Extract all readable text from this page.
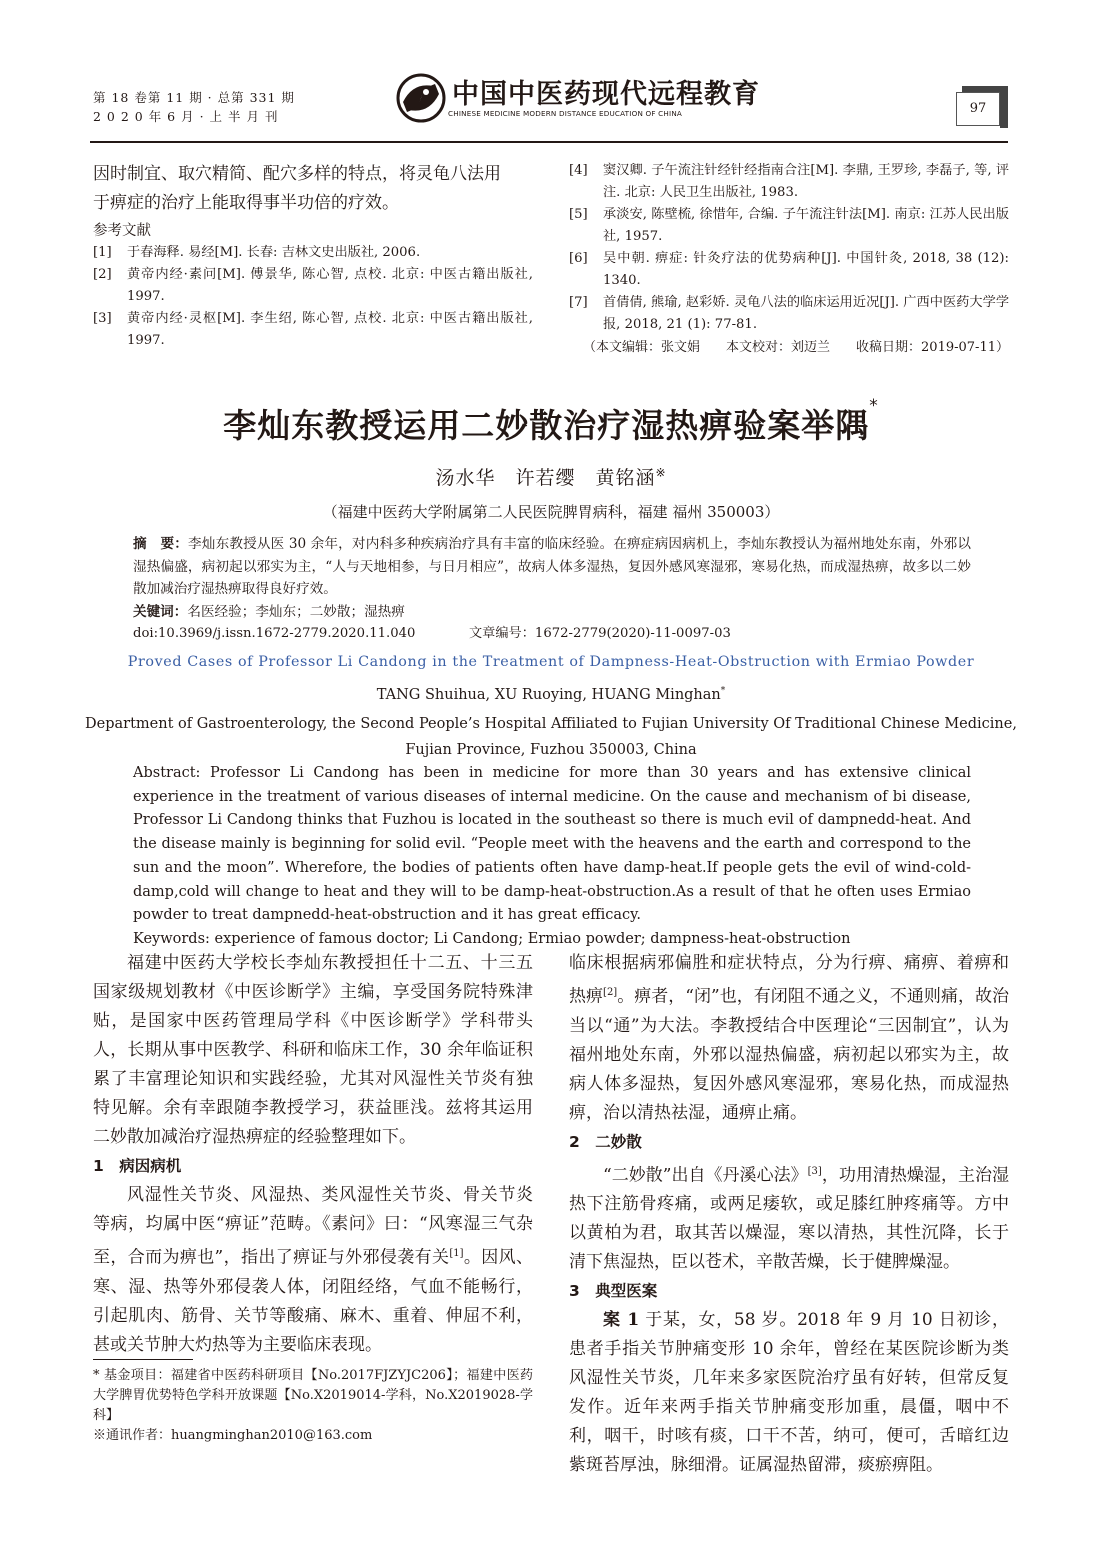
第 18 卷第 11 期 · 总第 331 期
2 0 2 0 年 6 月 · 上 半 月 刊
中国中医药现代远程教育
CHINESE MEDICINE MODERN DISTANCE EDUCATION OF CHINA	97

因时制宜、取穴精简、配穴多样的特点，将灵龟八法用

于痹症的治疗上能取得事半功倍的疗效。

参考文献
[1]	于春海释. 易经[M]. 长春: 吉林文史出版社, 2006.
[2]	黄帝内经·素问[M]. 傅景华, 陈心智, 点校. 北京: 中医古籍出版社, 1997.
[3]	黄帝内经·灵枢[M]. 李生绍, 陈心智, 点校. 北京: 中医古籍出版社, 1997.
[4]	窦汉卿. 子午流注针经针经指南合注[M]. 李鼎, 王罗珍, 李磊子, 等, 评注. 北京: 人民卫生出版社, 1983.
[5]	承淡安, 陈壁梳, 徐惜年, 合编. 子午流注针法[M]. 南京: 江苏人民出版社, 1957.
[6]	吴中朝. 痹症: 针灸疗法的优势病种[J]. 中国针灸, 2018, 38 (12): 1340.
[7]	首倩倩, 熊瑜, 赵彩娇. 灵龟八法的临床运用近况[J]. 广西中医药大学学报, 2018, 21 (1): 77-81.
（本文编辑：张文娟　　本文校对：刘迈兰　　收稿日期：2019-07-11）
李灿东教授运用二妙散治疗湿热痹验案举隅*
汤水华　许若缨　黄铭涵※
（福建中医药大学附属第二人民医院脾胃病科，福建 福州 350003）
摘　要：李灿东教授从医 30 余年，对内科多种疾病治疗具有丰富的临床经验。在痹症病因病机上，李灿东教授认为福州地处东南，外邪以湿热偏盛，病初起以邪实为主，“人与天地相参，与日月相应”，故病人体多湿热，复因外感风寒湿邪，寒易化热，而成湿热痹，故多以二妙散加减治疗湿热痹取得良好疗效。
关键词：名医经验；李灿东；二妙散；湿热痹
doi:10.3969/j.issn.1672-2779.2020.11.040	文章编号：1672-2779(2020)-11-0097-03
Proved Cases of Professor Li Candong in the Treatment of Dampness-Heat-Obstruction with Ermiao Powder
TANG Shuihua, XU Ruoying, HUANG Minghan*
Department of Gastroenterology, the Second People’s Hospital Affiliated to Fujian University Of Traditional Chinese Medicine,
Fujian Province, Fuzhou 350003, China
Abstract: Professor Li Candong has been in medicine for more than 30 years and has extensive clinical experience in the treatment of various diseases of internal medicine. On the cause and mechanism of bi disease, Professor Li Candong thinks that Fuzhou is located in the southeast so there is much evil of dampnedd-heat. And the disease mainly is beginning for solid evil. “People meet with the heavens and the earth and correspond to the sun and the moon”. Wherefore, the bodies of patients often have damp-heat.If people gets the evil of wind-cold-damp,cold will change to heat and they will to be damp-heat-obstruction.As a result of that he often uses Ermiao powder to treat dampnedd-heat-obstruction and it has great efficacy.
Keywords: experience of famous doctor; Li Candong; Ermiao powder; dampness-heat-obstruction

福建中医药大学校长李灿东教授担任十二五、十三五国家级规划教材《中医诊断学》主编，享受国务院特殊津贴，是国家中医药管理局学科《中医诊断学》学科带头人，长期从事中医教学、科研和临床工作，30 余年临证积累了丰富理论知识和实践经验，尤其对风湿性关节炎有独特见解。余有幸跟随李教授学习，获益匪浅。兹将其运用二妙散加减治疗湿热痹症的经验整理如下。

1　病因病机

风湿性关节炎、风湿热、类风湿性关节炎、骨关节炎等病，均属中医“痹证”范畴。《素问》曰：“风寒湿三气杂至，合而为痹也”，指出了痹证与外邪侵袭有关[1]。因风、寒、湿、热等外邪侵袭人体，闭阻经络，气血不能畅行，引起肌肉、筋骨、关节等酸痛、麻木、重着、伸屈不利，甚或关节肿大灼热等为主要临床表现。

临床根据病邪偏胜和症状特点，分为行痹、痛痹、着痹和热痹[2]。痹者，“闭”也，有闭阻不通之义，不通则痛，故治当以“通”为大法。李教授结合中医理论“三因制宜”，认为福州地处东南，外邪以湿热偏盛，病初起以邪实为主，故病人体多湿热，复因外感风寒湿邪，寒易化热，而成湿热痹，治以清热祛湿，通痹止痛。

2　二妙散

“二妙散”出自《丹溪心法》[3]，功用清热燥湿，主治湿热下注筋骨疼痛，或两足痿软，或足膝红肿疼痛等。方中以黄柏为君，取其苦以燥湿，寒以清热，其性沉降，长于清下焦湿热，臣以苍术，辛散苦燥，长于健脾燥湿。

3　典型医案

案 1 于某，女，58 岁。2018 年 9 月 10 日初诊，患者手指关节肿痛变形 10 余年，曾经在某医院诊断为类风湿性关节炎，几年来多家医院治疗虽有好转，但常反复发作。近年来两手指关节肿痛变形加重，晨僵，咽中不利，咽干，时咳有痰，口干不苦，纳可，便可，舌暗红边紫斑苔厚浊，脉细滑。证属湿热留滞，痰瘀痹阻。

* 基金项目：福建省中医药科研项目【No.2017FJZYJC206】；福建中医药大学脾胃优势特色学科开放课题【No.X2019014-学科，No.X2019028-学科】
※通讯作者：huangminghan2010@163.com
